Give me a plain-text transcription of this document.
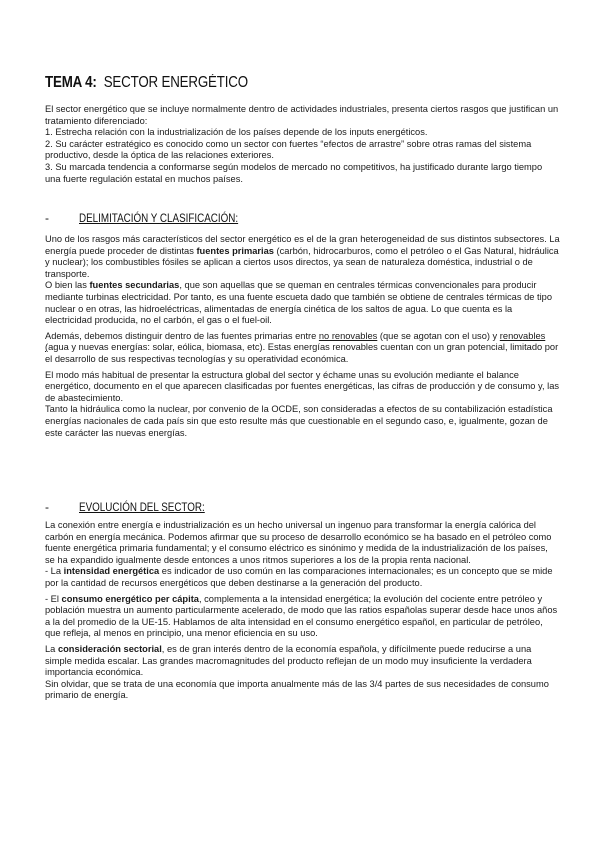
TEMA 4: SECTOR ENERGÉTICO

El sector energético que se incluye normalmente dentro de actividades industriales, presenta ciertos rasgos que justifican un tratamiento diferenciado:

1. Estrecha relación con la industrialización de los países depende de los inputs energéticos.

2. Su carácter estratégico es conocido como un sector con fuertes “efectos de arrastre” sobre otras ramas del sistema productivo, desde la óptica de las relaciones exteriores.

3. Su marcada tendencia a conformarse según modelos de mercado no competitivos, ha justificado durante largo tiempo una fuerte regulación estatal en muchos países.

-	DELIMITACIÓN Y CLASIFICACIÓN:

Uno de los rasgos más característicos del sector energético es el de la gran heterogeneidad de sus distintos subsectores. La energía puede proceder de distintas fuentes primarias (carbón, hidrocarburos, como el petróleo o el Gas Natural, hidráulica y nuclear); los combustibles fósiles se aplican a ciertos usos directos, ya sean de naturaleza doméstica, industrial o de transporte.

O bien las fuentes secundarias, que son aquellas que se queman en centrales térmicas convencionales para producir mediante turbinas electricidad. Por tanto, es una fuente escueta dado que también se obtiene de centrales térmicas de tipo nuclear o en otras, las hidroeléctricas, alimentadas de energía cinética de los saltos de agua. Lo que cuenta es la electricidad producida, no el carbón, el gas o el fuel-oil.

Además, debemos distinguir dentro de las fuentes primarias entre no renovables (que se agotan con el uso) y renovables (agua y nuevas energías: solar, eólica, biomasa, etc). Estas energías renovables cuentan con un gran potencial, limitado por el desarrollo de sus respectivas tecnologías y su operatividad económica.

El modo más habitual de presentar la estructura global del sector y échame unas su evolución mediante el balance energético, documento en el que aparecen clasificadas por fuentes energéticas, las cifras de producción y de consumo y, las de abastecimiento.

Tanto la hidráulica como la nuclear, por convenio de la OCDE, son consideradas a efectos de su contabilización estadística energías nacionales de cada país sin que esto resulte más que cuestionable en el segundo caso, e, igualmente, gozan de este carácter las nuevas energías.

-	EVOLUCIÓN DEL SECTOR:

La conexión entre energía e industrialización es un hecho universal un ingenuo para transformar la energía calórica del carbón en energía mecánica. Podemos afirmar que su proceso de desarrollo económico se ha basado en el petróleo como fuente energética primaria fundamental; y el consumo eléctrico es sinónimo y medida de la industrialización de los países, se ha expandido igualmente desde entonces a unos ritmos superiores a los de la propia renta nacional.

- La intensidad energética es indicador de uso común en las comparaciones internacionales; es un concepto que se mide por la cantidad de recursos energéticos que deben destinarse a la generación del producto.

- El consumo energético per cápita, complementa a la intensidad energética; la evolución del cociente entre petróleo y población muestra un aumento particularmente acelerado, de modo que las ratios españolas superar desde hace unos años a la del promedio de la UE-15. Hablamos de alta intensidad en el consumo energético español, en particular de petróleo, que refleja, al menos en principio, una menor eficiencia en su uso.

La consideración sectorial, es de gran interés dentro de la economía española, y difícilmente puede reducirse a una simple medida escalar. Las grandes macromagnitudes del producto reflejan de un modo muy insuficiente la verdadera importancia económica.

Sin olvidar, que se trata de una economía que importa anualmente más de las 3/4 partes de sus necesidades de consumo primario de energía.
